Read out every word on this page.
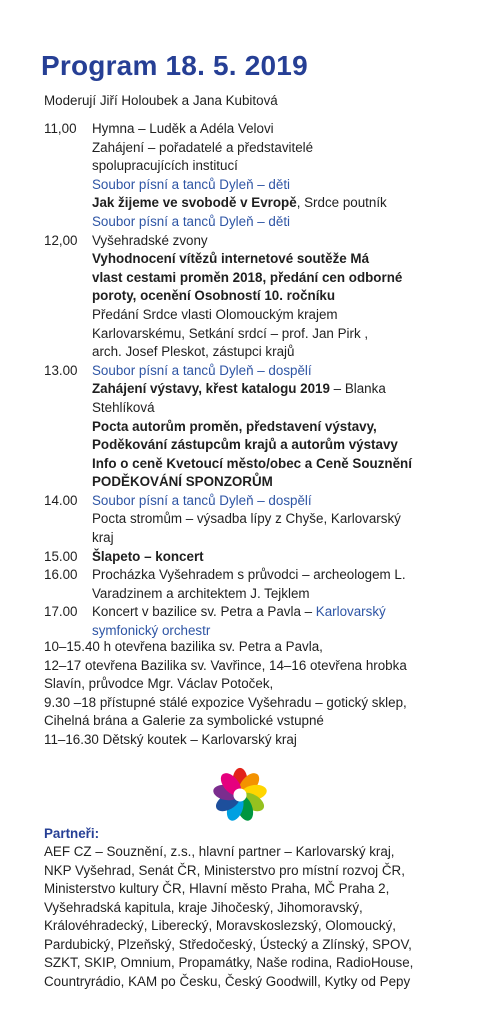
Program 18. 5. 2019
Moderují Jiří Holoubek a Jana Kubitová
11,00	Hymna – Luděk a Adéla Velovi
Zahájení – pořadatelé a představitelé
spolupracujících institucí
Soubor písní a tanců Dyleň – děti
Jak žijeme ve svobodě v Evropě, Srdce poutník
Soubor písní a tanců Dyleň – děti
12,00	Vyšehradské zvony
Vyhodnocení vítězů internetové soutěže Má
vlast cestami proměn 2018, předání cen odborné
poroty, ocenění Osobností 10. ročníku
Předání Srdce vlasti Olomouckým krajem
Karlovarskému, Setkání srdcí – prof. Jan Pirk ,
arch. Josef Pleskot, zástupci krajů
13.00	Soubor písní a tanců Dyleň – dospělí
Zahájení výstavy, křest katalogu 2019 – Blanka
Stehlíková
Pocta autorům proměn, představení výstavy,
Poděkování zástupcům krajů a autorům výstavy
Info o ceně Kvetoucí město/obec a Ceně Souznění
PODĚKOVÁNÍ SPONZORŮM
14.00	Soubor písní a tanců Dyleň – dospělí
Pocta stromům – výsadba lípy z Chyše, Karlovarský
kraj
15.00	Šlapeto – koncert
16.00	Procházka Vyšehradem s průvodci – archeologem L.
Varadzinem a architektem J. Tejklem
17.00	Koncert v bazilice sv. Petra a Pavla – Karlovarský
symfonický orchestr
10–15.40 h otevřena bazilika sv. Petra a Pavla,
12–17 otevřena Bazilika sv. Vavřince, 14–16 otevřena hrobka
Slavín, průvodce Mgr. Václav Potoček,
9.30 –18 přístupné stálé expozice Vyšehradu – gotický sklep,
Cihelná brána a Galerie za symbolické vstupné
11–16.30 Dětský koutek – Karlovarský kraj
Partneři:
AEF CZ – Souznění, z.s., hlavní partner – Karlovarský kraj,
NKP Vyšehrad, Senát ČR, Ministerstvo pro místní rozvoj ČR,
Ministerstvo kultury ČR, Hlavní město Praha, MČ Praha 2,
Vyšehradská kapitula, kraje Jihočeský, Jihomoravský,
Královéhradecký, Liberecký, Moravskoslezský, Olomoucký,
Pardubický, Plzeňský, Středočeský, Ústecký a Zlínský, SPOV,
SZKT, SKIP, Omnium, Propamátky, Naše rodina, RadioHouse,
Countryrádio, KAM po Česku, Český Goodwill, Kytky od Pepy
